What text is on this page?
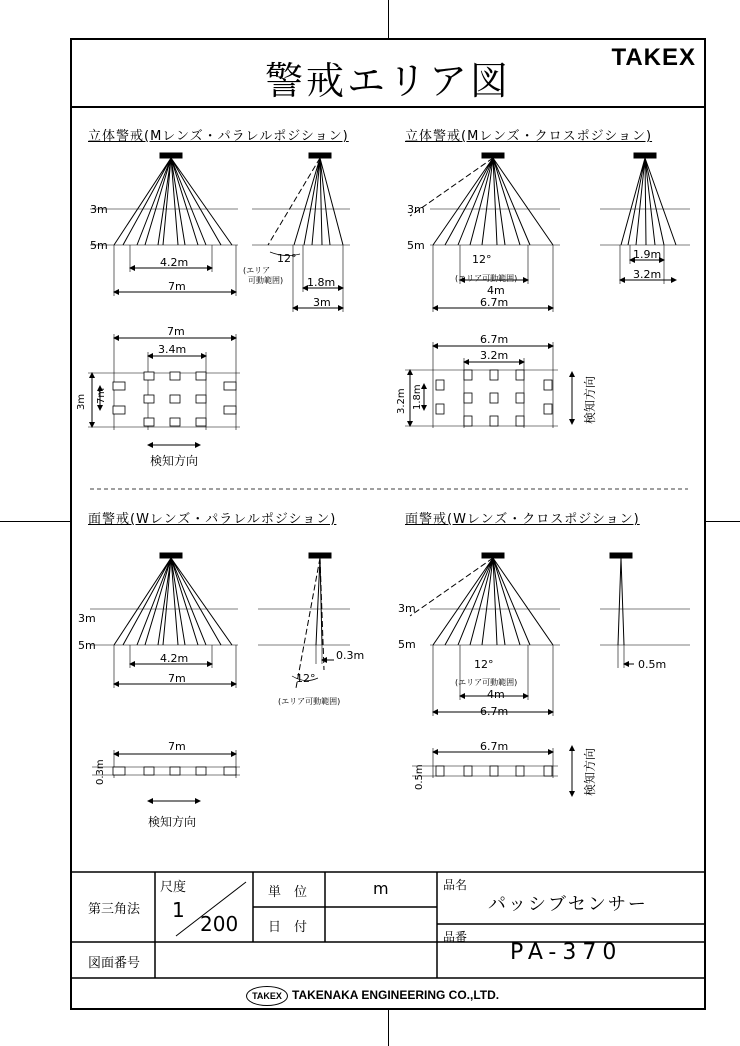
警戒エリア図
TAKEX
立体警戒(Mレンズ・パラレルポジション)	立体警戒(Mレンズ・クロスポジション)
面警戒(Wレンズ・パラレルポジション)	面警戒(Wレンズ・クロスポジション)
3m
5m
4.2m
7m
12°
(エリア
可動範囲) 1.8m
3m
7m
3.4m
検知方向
3m
5m
12°
(エリア可動範囲)
4m
6.7m
1.9m
3.2m
6.7m
3.2m
3m
5m
4.2m
7m
0.3m
12°
(エリア可動範囲)
7m
検知方向
3m
5m
12°
(エリア可動範囲)
4m
6.7m
0.5m
6.7m
3m 7m	3.2m 1.8m	検知方向
0.3m	0.5m	検知方向
第三角法
尺度
1
200
単　位	m
日　付
品名
パッシブセンサー
品番
PA-370
図面番号
TAKEX TAKENAKA ENGINEERING CO.,LTD.
